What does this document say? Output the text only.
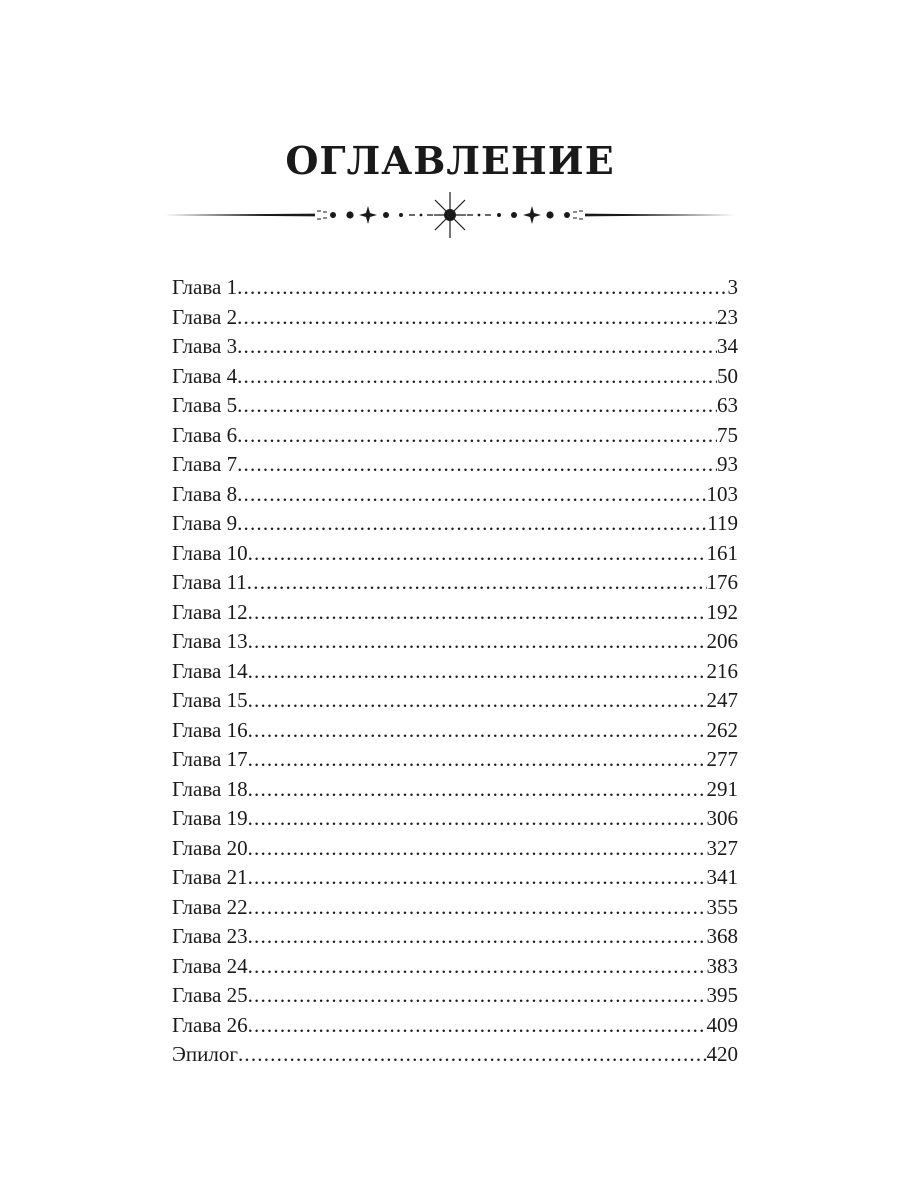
ОГЛАВЛЕНИЕ
Глава 1 .....	3
Глава 2 .....	23
Глава 3 .....	34
Глава 4 .....	50
Глава 5 .....	63
Глава 6 .....	75
Глава 7 .....	93
Глава 8 .....	103
Глава 9 .....	119
Глава 10 .....	161
Глава 11 .....	176
Глава 12 .....	192
Глава 13 .....	206
Глава 14 .....	216
Глава 15 .....	247
Глава 16 .....	262
Глава 17 .....	277
Глава 18 .....	291
Глава 19 .....	306
Глава 20 .....	327
Глава 21 .....	341
Глава 22 .....	355
Глава 23 .....	368
Глава 24 .....	383
Глава 25 .....	395
Глава 26 .....	409
Эпилог .....	420
